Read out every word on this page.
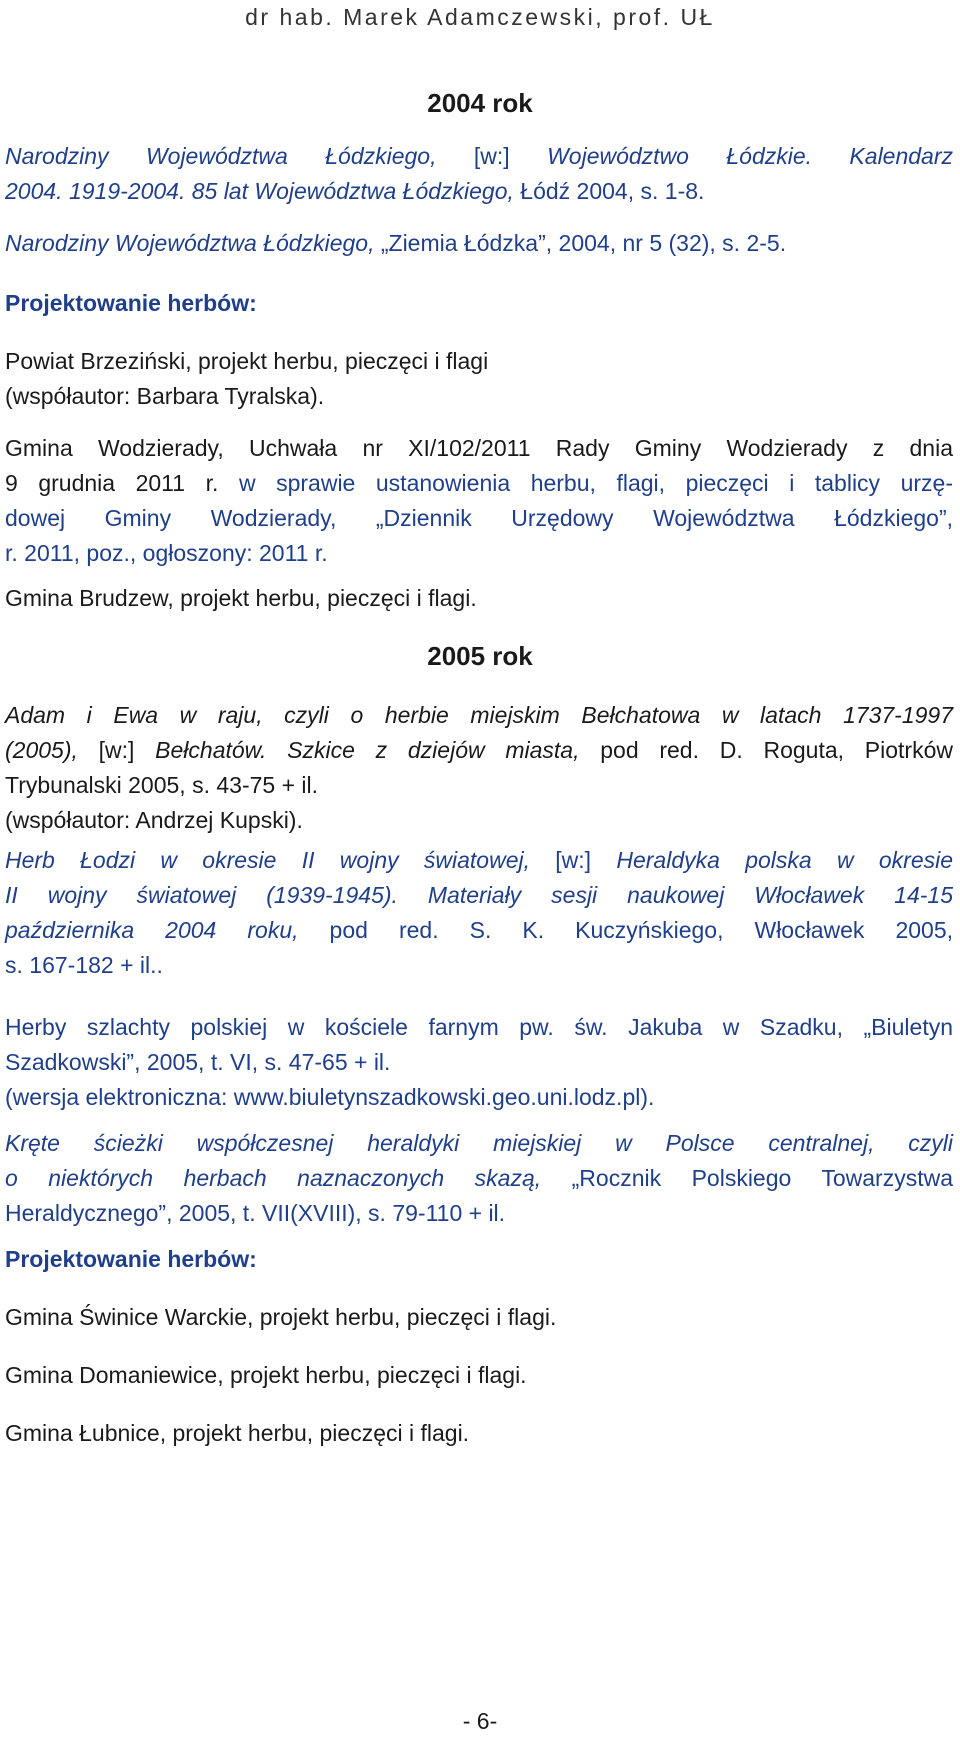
dr hab. Marek Adamczewski, prof. UŁ
2004 rok
Narodziny Województwa Łódzkiego, [w:] Województwo Łódzkie. Kalendarz
2004. 1919-2004. 85 lat Województwa Łódzkiego, Łódź 2004, s. 1-8.
Narodziny Województwa Łódzkiego, „Ziemia Łódzka”, 2004, nr 5 (32), s. 2-5.
Projektowanie herbów:
Powiat Brzeziński, projekt herbu, pieczęci i flagi
(współautor: Barbara Tyralska).
Gmina Wodzierady, Uchwała nr XI/102/2011 Rady Gminy Wodzierady z dnia
9 grudnia 2011 r. w sprawie ustanowienia herbu, flagi, pieczęci i tablicy urzę-
dowej Gminy Wodzierady, „Dziennik Urzędowy Województwa Łódzkiego”,
r. 2011, poz., ogłoszony: 2011 r.
Gmina Brudzew, projekt herbu, pieczęci i flagi.
2005 rok
Adam i Ewa w raju, czyli o herbie miejskim Bełchatowa w latach 1737-1997
(2005), [w:] Bełchatów. Szkice z dziejów miasta, pod red. D. Roguta, Piotrków
Trybunalski 2005, s. 43-75 + il.
(współautor: Andrzej Kupski).
Herb Łodzi w okresie II wojny światowej, [w:] Heraldyka polska w okresie
II wojny światowej (1939-1945). Materiały sesji naukowej Włocławek 14-15
października 2004 roku, pod red. S. K. Kuczyńskiego, Włocławek 2005,
s. 167-182 + il..
Herby szlachty polskiej w kościele farnym pw. św. Jakuba w Szadku, „Biuletyn
Szadkowski”, 2005, t. VI, s. 47-65 + il.
(wersja elektroniczna: www.biuletynszadkowski.geo.uni.lodz.pl).
Kręte ścieżki współczesnej heraldyki miejskiej w Polsce centralnej, czyli
o niektórych herbach naznaczonych skazą, „Rocznik Polskiego Towarzystwa
Heraldycznego”, 2005, t. VII(XVIII), s. 79-110 + il.
Projektowanie herbów:
Gmina Świnice Warckie, projekt herbu, pieczęci i flagi.
Gmina Domaniewice, projekt herbu, pieczęci i flagi.
Gmina Łubnice, projekt herbu, pieczęci i flagi.
- 6-
